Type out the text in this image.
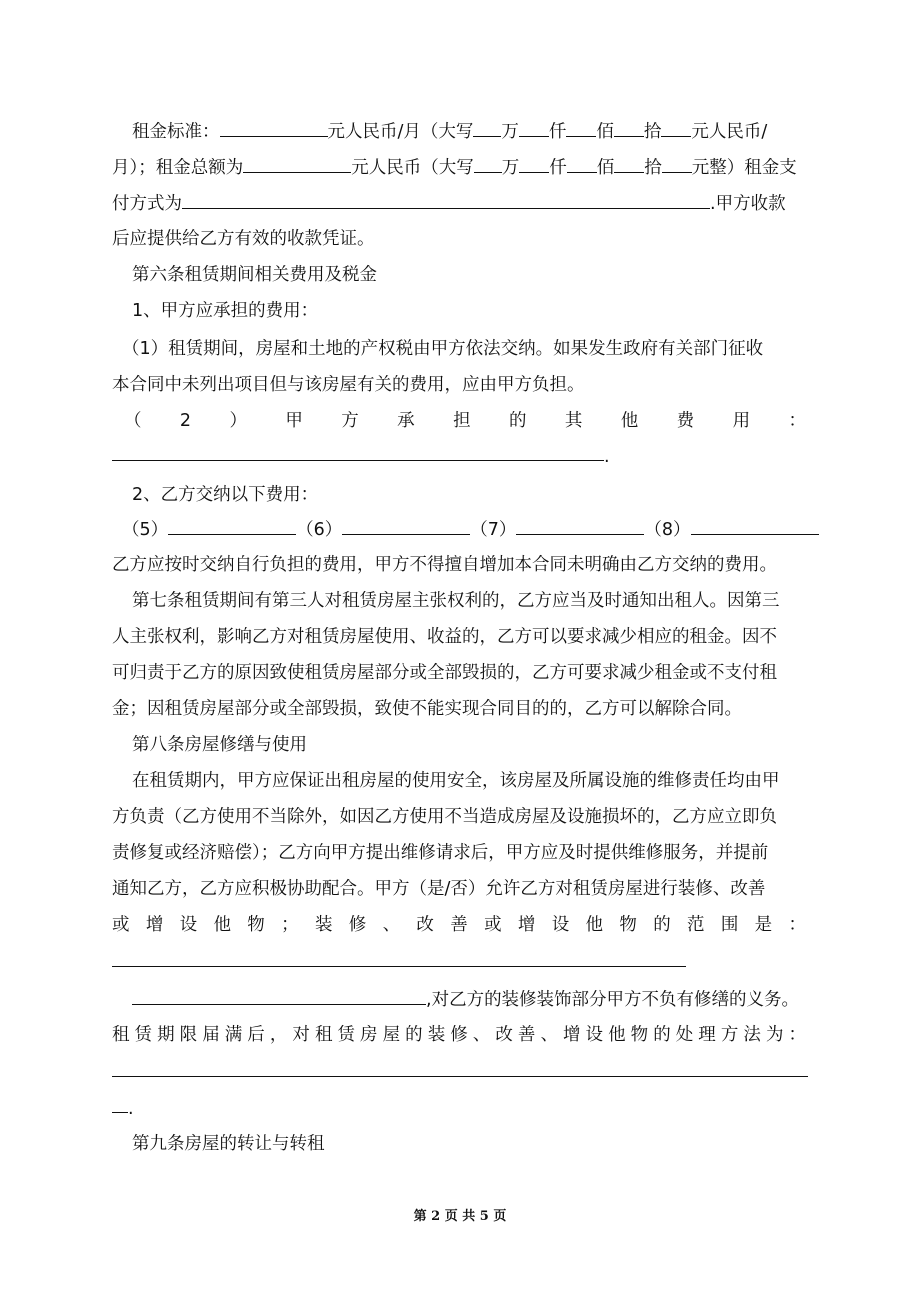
租金标准：	元人民币/月（大写 万 仟 佰 拾 元人民币/
月）；租金总额为	元人民币（大写 万 仟 佰 拾 元整）租金支
付方式为	.甲方收款
后应提供给乙方有效的收款凭证。
第六条租赁期间相关费用及税金
1、甲方应承担的费用：
（1）租赁期间，房屋和土地的产权税由甲方依法交纳。如果发生政府有关部门征收
本合同中未列出项目但与该房屋有关的费用，应由甲方负担。
（2）甲方承担的其他费用：
.
2、乙方交纳以下费用：
（5）	（6）	（7）	（8）
乙方应按时交纳自行负担的费用，甲方不得擅自增加本合同未明确由乙方交纳的费用。
第七条租赁期间有第三人对租赁房屋主张权利的，乙方应当及时通知出租人。因第三
人主张权利，影响乙方对租赁房屋使用、收益的，乙方可以要求减少相应的租金。因不
可归责于乙方的原因致使租赁房屋部分或全部毁损的，乙方可要求减少租金或不支付租
金；因租赁房屋部分或全部毁损，致使不能实现合同目的的，乙方可以解除合同。
第八条房屋修缮与使用
在租赁期内，甲方应保证出租房屋的使用安全，该房屋及所属设施的维修责任均由甲
方负责（乙方使用不当除外，如因乙方使用不当造成房屋及设施损坏的，乙方应立即负
责修复或经济赔偿）；乙方向甲方提出维修请求后，甲方应及时提供维修服务，并提前
通知乙方，乙方应积极协助配合。甲方（是/否）允许乙方对租赁房屋进行装修、改善
或增设他物；装修、改善或增设他物的范围是：
,对乙方的装修装饰部分甲方不负有修缮的义务。
租赁期限届满后，对租赁房屋的装修、改善、增设他物的处理方法为：
.
第九条房屋的转让与转租
第 2 页 共 5 页
